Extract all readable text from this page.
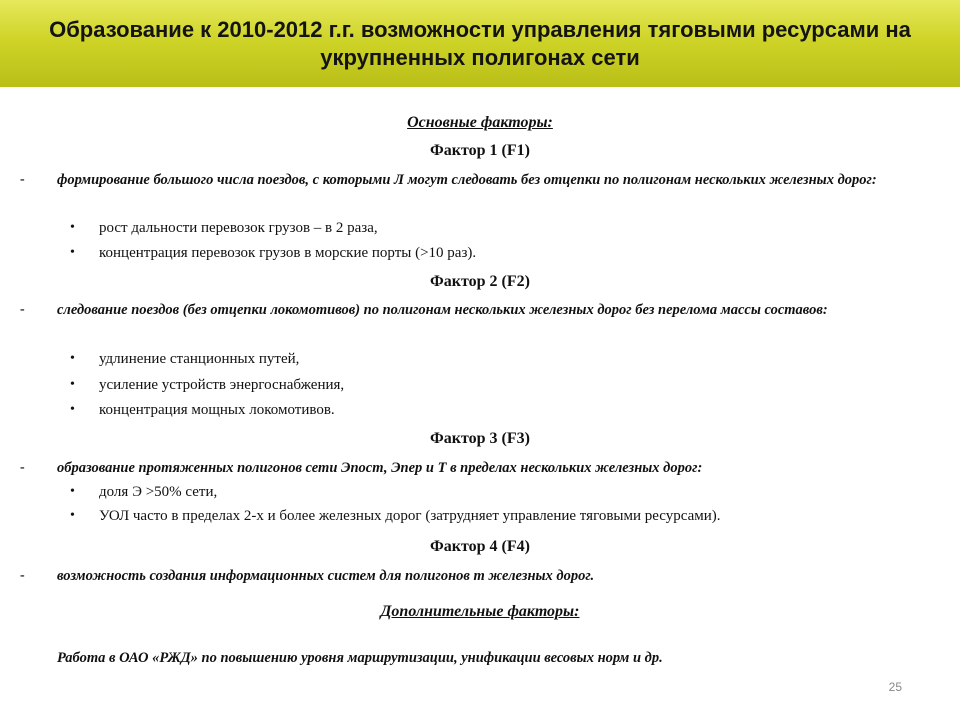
Образование к 2010-2012 г.г. возможности управления тяговыми ресурсами на укрупненных полигонах сети
Основные факторы:
Фактор 1 (F1)
- формирование большого числа поездов, с которыми Л могут следовать без отцепки по полигонам нескольких железных дорог:
• рост дальности перевозок грузов – в 2 раза,
• концентрация перевозок грузов в морские порты (>10 раз).
Фактор 2 (F2)
- следование поездов (без отцепки локомотивов) по полигонам нескольких железных дорог без перелома массы составов:
• удлинение станционных путей,
• усиление устройств энергоснабжения,
• концентрация мощных локомотивов.
Фактор 3 (F3)
- образование протяженных полигонов сети Эпост, Эпер и Т в пределах нескольких железных дорог:
• доля Э >50% сети,
• УОЛ часто в пределах 2-х и более железных дорог (затрудняет управление тяговыми ресурсами).
Фактор 4 (F4)
- возможность создания информационных систем для полигонов т железных дорог.
Дополнительные факторы:
Работа в ОАО «РЖД» по повышению уровня маршрутизации, унификации весовых норм и др.
25
